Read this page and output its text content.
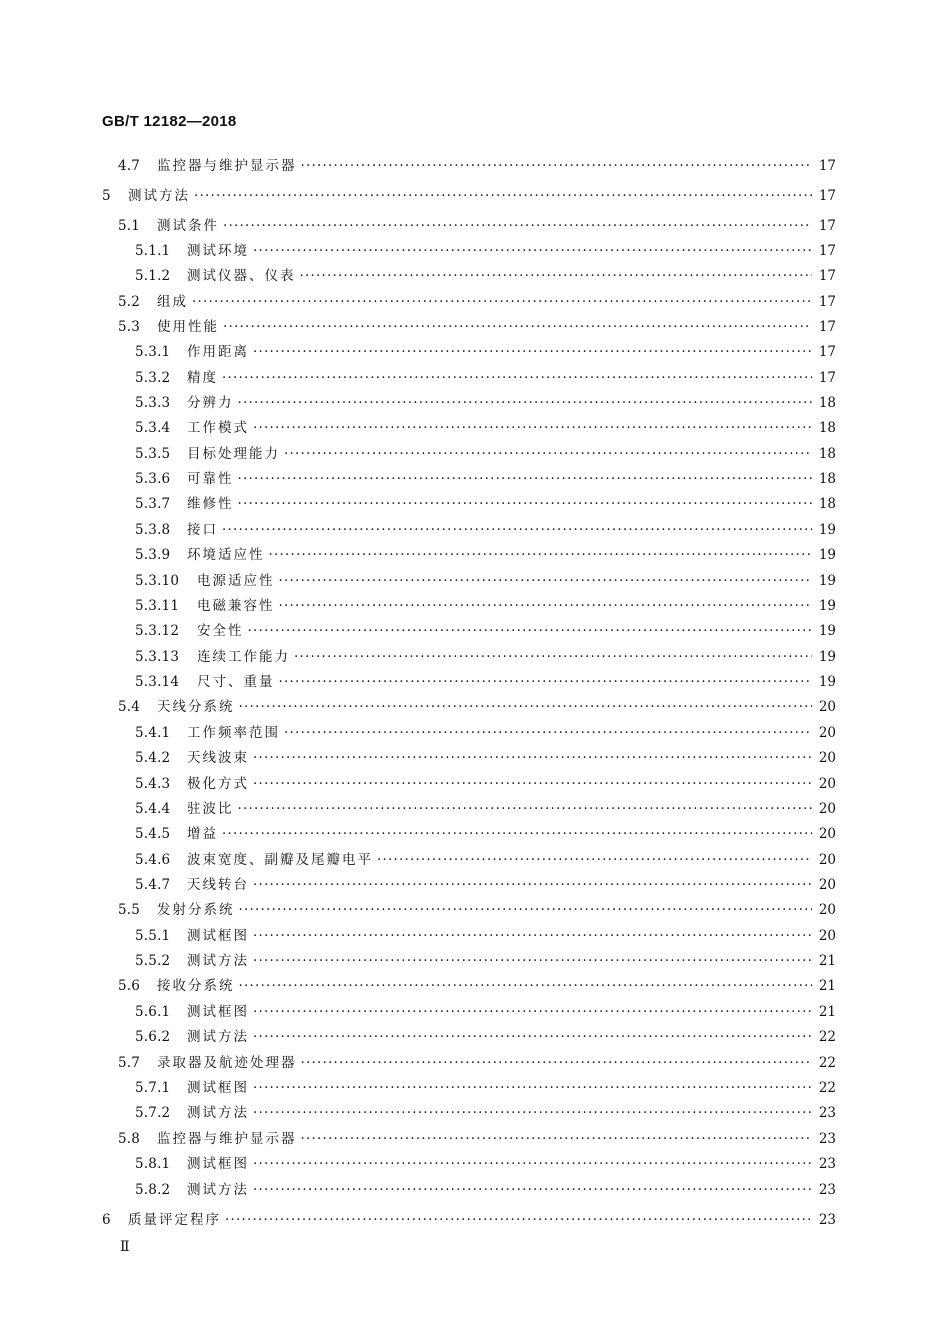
GB/T 12182—2018
4.7	监控器与维护显示器 ·····	17
5	测试方法 ·····	17
5.1	测试条件 ·····	17
5.1.1	测试环境 ·····	17
5.1.2	测试仪器、仪表 ·····	17
5.2	组成 ·····	17
5.3	使用性能 ·····	17
5.3.1	作用距离 ·····	17
5.3.2	精度 ·····	17
5.3.3	分辨力 ·····	18
5.3.4	工作模式 ·····	18
5.3.5	目标处理能力 ·····	18
5.3.6	可靠性 ·····	18
5.3.7	维修性 ·····	18
5.3.8	接口 ·····	19
5.3.9	环境适应性 ·····	19
5.3.10	电源适应性 ·····	19
5.3.11	电磁兼容性 ·····	19
5.3.12	安全性 ·····	19
5.3.13	连续工作能力 ·····	19
5.3.14	尺寸、重量 ·····	19
5.4	天线分系统 ·····	20
5.4.1	工作频率范围 ·····	20
5.4.2	天线波束 ·····	20
5.4.3	极化方式 ·····	20
5.4.4	驻波比 ·····	20
5.4.5	增益 ·····	20
5.4.6	波束宽度、副瓣及尾瓣电平 ·····	20
5.4.7	天线转台 ·····	20
5.5	发射分系统 ·····	20
5.5.1	测试框图 ·····	20
5.5.2	测试方法 ·····	21
5.6	接收分系统 ·····	21
5.6.1	测试框图 ·····	21
5.6.2	测试方法 ·····	22
5.7	录取器及航迹处理器 ·····	22
5.7.1	测试框图 ·····	22
5.7.2	测试方法 ·····	23
5.8	监控器与维护显示器 ·····	23
5.8.1	测试框图 ·····	23
5.8.2	测试方法 ·····	23
6	质量评定程序 ·····	23
Ⅱ
